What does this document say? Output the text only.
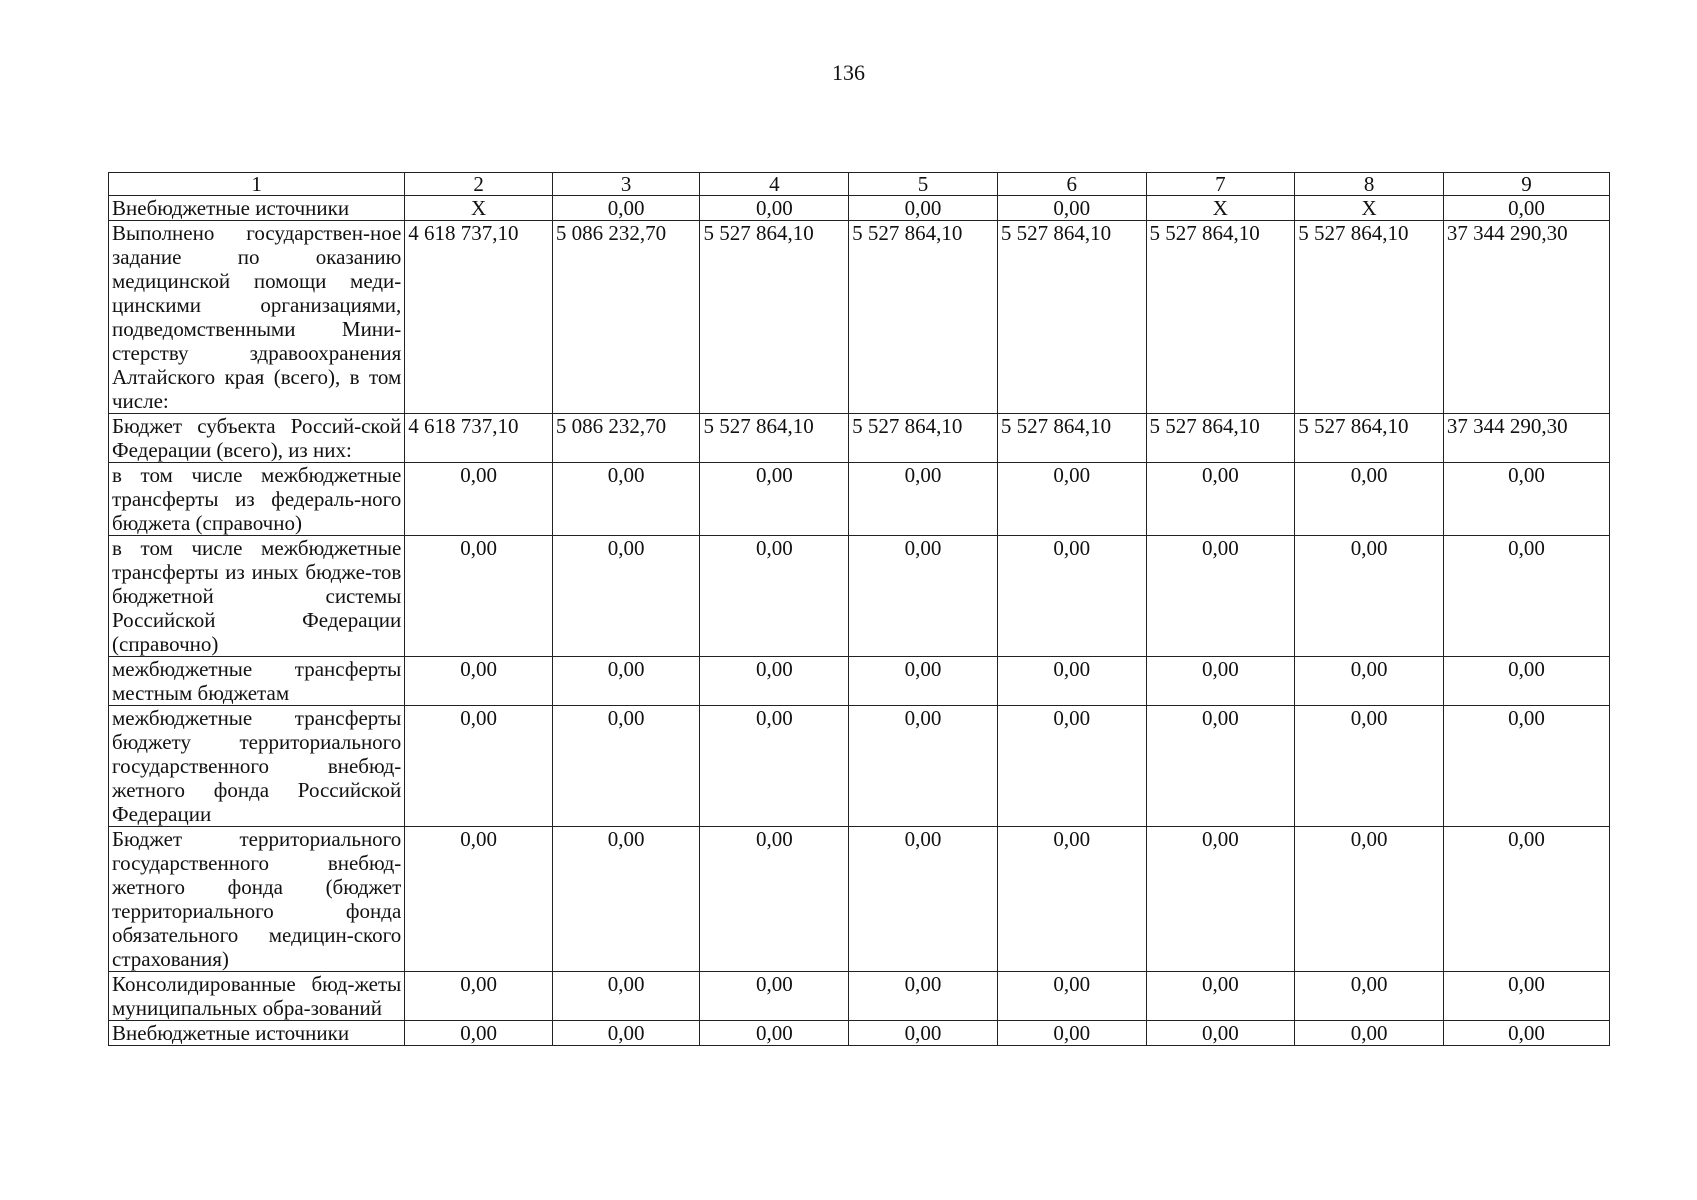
136
1	2	3	4	5	6	7	8	9
Внебюджетные источники	X	0,00	0,00	0,00	0,00	X	X	0,00
Выполнено государствен-ное задание по оказанию медицинской помощи меди-цинскими организациями, подведомственными Мини-стерству здравоохранения Алтайского края (всего), в том числе:	4 618 737,10	5 086 232,70	5 527 864,10	5 527 864,10	5 527 864,10	5 527 864,10	5 527 864,10	37 344 290,30
Бюджет субъекта Россий-ской Федерации (всего), из них:	4 618 737,10	5 086 232,70	5 527 864,10	5 527 864,10	5 527 864,10	5 527 864,10	5 527 864,10	37 344 290,30
в том числе межбюджетные трансферты из федераль-ного бюджета (справочно)	0,00	0,00	0,00	0,00	0,00	0,00	0,00	0,00
в том числе межбюджетные трансферты из иных бюдже-тов бюджетной системы Российской Федерации (справочно)	0,00	0,00	0,00	0,00	0,00	0,00	0,00	0,00
межбюджетные трансферты местным бюджетам	0,00	0,00	0,00	0,00	0,00	0,00	0,00	0,00
межбюджетные трансферты бюджету территориального государственного внебюд-жетного фонда Российской Федерации	0,00	0,00	0,00	0,00	0,00	0,00	0,00	0,00
Бюджет территориального государственного внебюд-жетного фонда (бюджет территориального фонда обязательного медицин-ского страхования)	0,00	0,00	0,00	0,00	0,00	0,00	0,00	0,00
Консолидированные бюд-жеты муниципальных обра-зований	0,00	0,00	0,00	0,00	0,00	0,00	0,00	0,00
Внебюджетные источники	0,00	0,00	0,00	0,00	0,00	0,00	0,00	0,00
